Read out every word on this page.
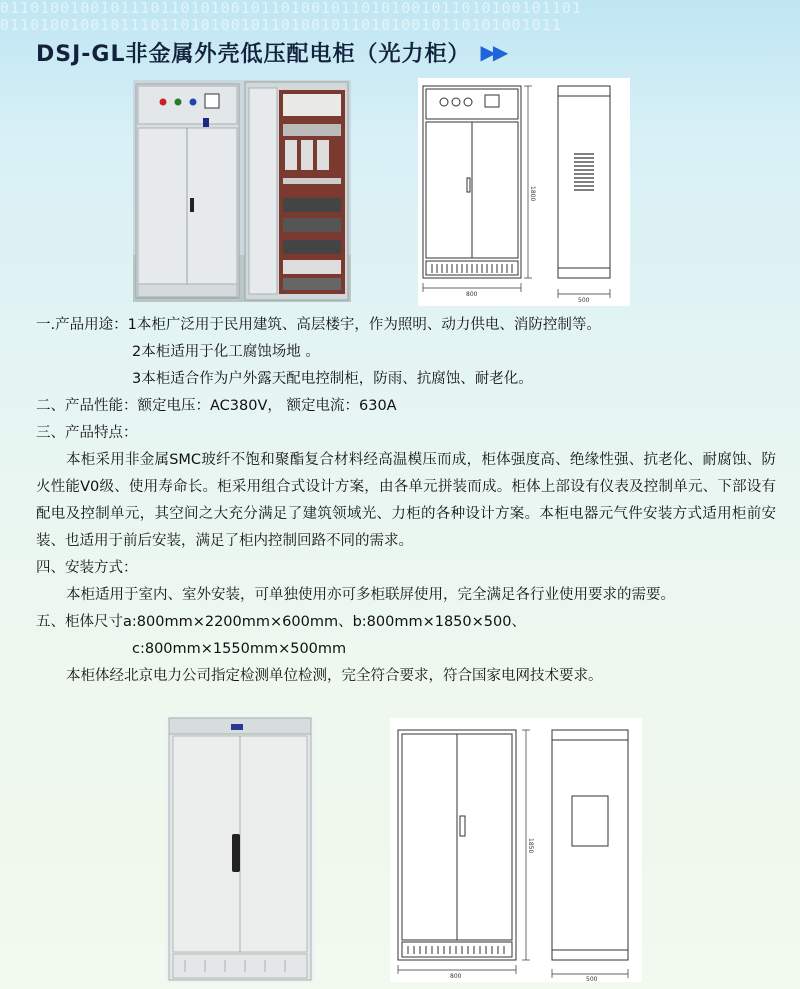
0110100100101110110101001011010010110101001011010100101101
01101001001011101101010010110100101101010010110101001011
DSJ-GL非金属外壳低压配电柜（光力柜） ▶▶
1800
800
500
一.产品用途：1本柜广泛用于民用建筑、高层楼宇，作为照明、动力供电、消防控制等。
2本柜适用于化工腐蚀场地 。
3本柜适合作为户外露天配电控制柜，防雨、抗腐蚀、耐老化。
二、产品性能：额定电压：AC380V， 额定电流：630A
三、产品特点：
本柜采用非金属SMC玻纤不饱和聚酯复合材料经高温模压而成，柜体强度高、绝缘性强、抗老化、耐腐蚀、防火性能V0级、使用寿命长。柜采用组合式设计方案，由各单元拼装而成。柜体上部设有仪表及控制单元、下部设有配电及控制单元，其空间之大充分满足了建筑领域光、力柜的各种设计方案。本柜电器元气件安装方式适用柜前安装、也适用于前后安装，满足了柜内控制回路不同的需求。
四、安装方式：
本柜适用于室内、室外安装，可单独使用亦可多柜联屏使用，完全满足各行业使用要求的需要。
五、柜体尺寸a:800mm×2200mm×600mm、b:800mm×1850×500、
c:800mm×1550mm×500mm
本柜体经北京电力公司指定检测单位检测，完全符合要求，符合国家电网技术要求。
1850
800	500
